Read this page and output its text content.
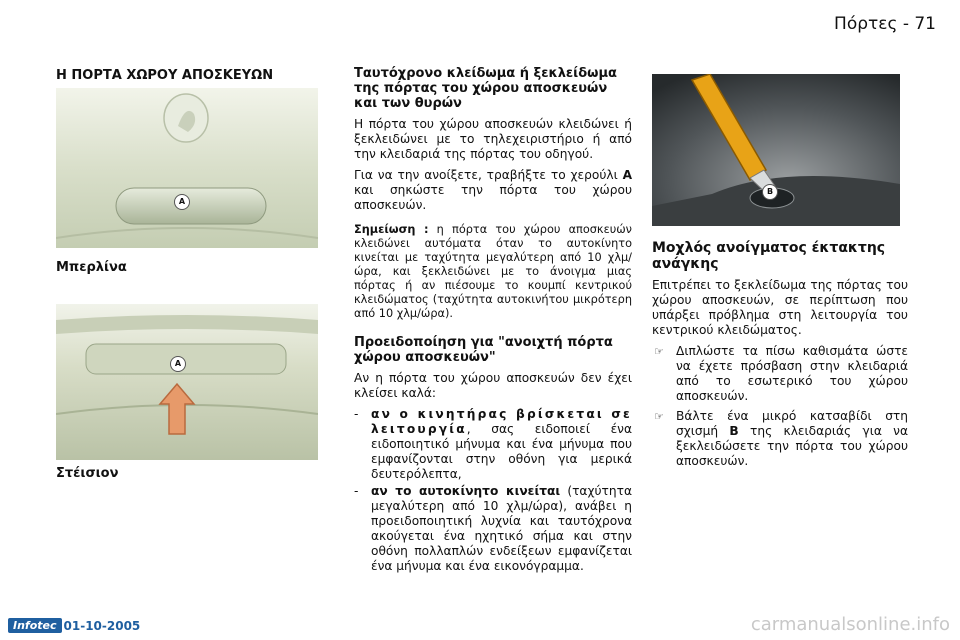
Πόρτες - 71
Η ΠΟΡΤΑ ΧΩΡΟΥ ΑΠΟΣΚΕΥΩΝ
A
Μπερλίνα
A
Στέισιον
Ταυτόχρονο κλείδωμα ή ξεκλείδωμα της πόρτας του χώρου αποσκευών και των θυρών

Η πόρτα του χώρου αποσκευών κλειδώνει ή ξεκλειδώνει με το τηλεχειριστήριο ή από την κλειδαριά της πόρτας του οδηγού.

Για να την ανοίξετε, τραβήξτε το χερούλι A και σηκώστε την πόρτα του χώρου αποσκευών.

Σημείωση : η πόρτα του χώρου αποσκευών κλειδώνει αυτόματα όταν το αυτοκίνητο κινείται με ταχύτητα μεγαλύτερη από 10 χλμ/ώρα, και ξεκλειδώνει με το άνοιγμα μιας πόρτας ή αν πιέσουμε το κουμπί κεντρικού κλειδώματος (ταχύτητα αυτοκινήτου μικρότερη από 10 χλμ/ώρα).

Προειδοποίηση για "ανοιχτή πόρτα χώρου αποσκευών"

Αν η πόρτα του χώρου αποσκευών δεν έχει κλείσει καλά:

-	αν ο κινητήρας βρίσκεται σε λειτουργία, σας ειδοποιεί ένα ειδοποιητικό μήνυμα και ένα μήνυμα που εμφανίζονται στην οθόνη για μερικά δευτερόλεπτα,
-	αν το αυτοκίνητο κινείται (ταχύτητα μεγαλύτερη από 10 χλμ/ώρα), ανάβει η προειδοποιητική λυχνία και ταυτόχρονα ακούγεται ένα ηχητικό σήμα και στην οθόνη πολλαπλών ενδείξεων εμφανίζεται ένα μήνυμα και ένα εικονόγραμμα.
B
Μοχλός ανοίγματος έκτακτης ανάγκης

Επιτρέπει το ξεκλείδωμα της πόρτας του χώρου αποσκευών, σε περίπτωση που υπάρξει πρόβλημα στη λειτουργία του κεντρικού κλειδώματος.

☞ Διπλώστε τα πίσω καθισμάτα ώστε να έχετε πρόσβαση στην κλειδαριά από το εσωτερικό του χώρου αποσκευών.
☞ Βάλτε ένα μικρό κατσαβίδι στη σχισμή B της κλειδαριάς για να ξεκλειδώσετε την πόρτα του χώρου αποσκευών.
Infotec 01-10-2005	carmanualsonline.info
